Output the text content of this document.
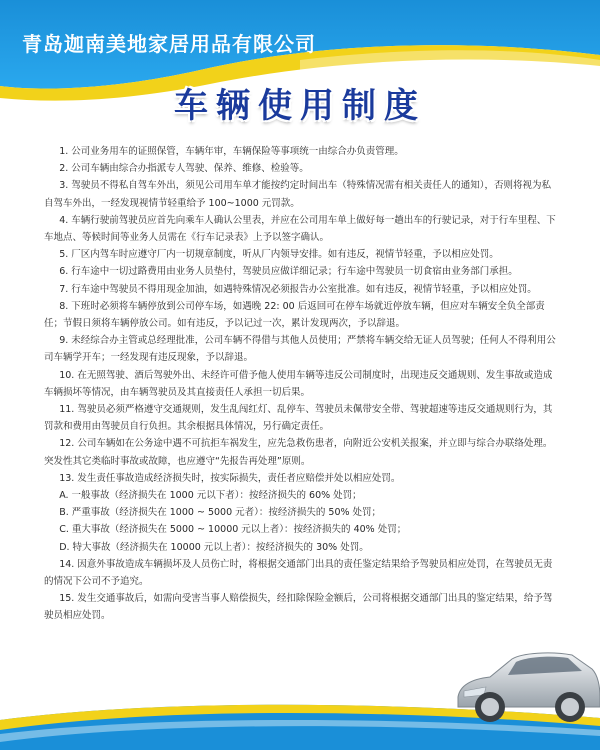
青岛迦南美地家居用品有限公司
车辆使用制度

1. 公司业务用车的证照保管，车辆年审，车辆保险等事项统一由综合办负责管理。

2. 公司车辆由综合办指派专人驾驶、保养、维修、检验等。

3. 驾驶员不得私自驾车外出，须见公司用车单才能按约定时间出车（特殊情况需有相关责任人的通知），否则将视为私自驾车外出，一经发现视情节轻重给予 100~1000 元罚款。

4. 车辆行驶前驾驶员应首先向乘车人确认公里表，并应在公司用车单上做好每一趟出车的行驶记录，对于行车里程、下车地点、等候时间等业务人员需在《行车记录表》上予以签字确认。

5. 厂区内驾车时应遵守厂内一切规章制度，听从厂内领导安排。如有违反，视情节轻重，予以相应处罚。

6. 行车途中一切过路费用由业务人员垫付，驾驶员应做详细记录；行车途中驾驶员一切食宿由业务部门承担。

7. 行车途中驾驶员不得用现金加油，如遇特殊情况必须报告办公室批准。如有违反，视情节轻重，予以相应处罚。

8. 下班时必须将车辆停放到公司停车场，如遇晚 22: 00 后返回可在停车场就近停放车辆，但应对车辆安全负全部责任；节假日须将车辆停放公司。如有违反，予以记过一次，累计发现两次，予以辞退。

9. 未经综合办主管或总经理批准，公司车辆不得借与其他人员使用；严禁将车辆交给无证人员驾驶；任何人不得利用公司车辆学开车；一经发现有违反现象，予以辞退。

10. 在无照驾驶、酒后驾驶外出、未经许可借予他人使用车辆等违反公司制度时，出现违反交通规则、发生事故或造成车辆损坏等情况，由车辆驾驶员及其直接责任人承担一切后果。

11. 驾驶员必须严格遵守交通规则，发生乱闯红灯、乱停车、驾驶员未佩带安全带、驾驶超速等违反交通规则行为，其罚款和费用由驾驶员自行负担。其余根据具体情况，另行确定责任。

12. 公司车辆如在公务途中遇不可抗拒车祸发生，应先急救伤患者，向附近公安机关报案，并立即与综合办联络处理。突发性其它类临时事故或故障，也应遵守“先报告再处理”原则。

13. 发生责任事故造成经济损失时，按实际损失，责任者应赔偿并处以相应处罚。

A. 一般事故（经济损失在 1000 元以下者）：按经济损失的 60% 处罚；

B. 严重事故（经济损失在 1000 ~ 5000 元者）：按经济损失的 50% 处罚；

C. 重大事故（经济损失在 5000 ~ 10000 元以上者）：按经济损失的 40% 处罚；

D. 特大事故（经济损失在 10000 元以上者）：按经济损失的 30% 处罚。

14. 因意外事故造成车辆损坏及人员伤亡时，将根据交通部门出具的责任鉴定结果给予驾驶员相应处罚，在驾驶员无责的情况下公司不予追究。

15. 发生交通事故后，如需向受害当事人赔偿损失，经扣除保险金额后，公司将根据交通部门出具的鉴定结果，给予驾驶员相应处罚。
